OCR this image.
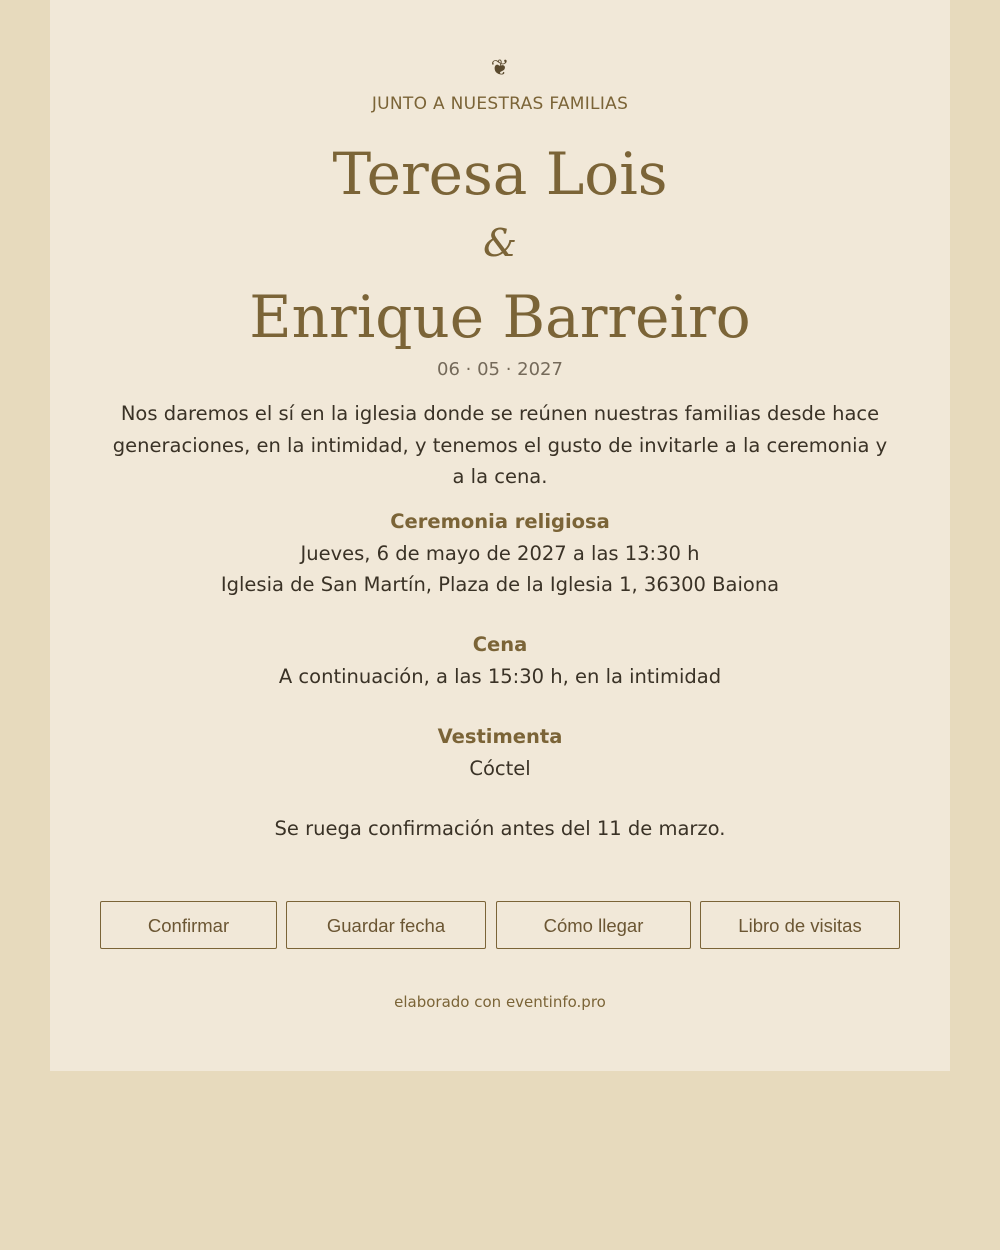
❦
JUNTO A NUESTRAS FAMILIAS
Teresa Lois
&
Enrique Barreiro
06 · 05 · 2027
Nos daremos el sí en la iglesia donde se reúnen nuestras familias desde hace generaciones, en la intimidad, y tenemos el gusto de invitarle a la ceremonia y a la cena.
Ceremonia religiosa
Jueves, 6 de mayo de 2027 a las 13:30 h
Iglesia de San Martín, Plaza de la Iglesia 1, 36300 Baiona
Cena
A continuación, a las 15:30 h, en la intimidad
Vestimenta
Cóctel
Se ruega confirmación antes del 11 de marzo.
Confirmar	Guardar fecha	Cómo llegar	Libro de visitas
elaborado con eventinfo.pro
